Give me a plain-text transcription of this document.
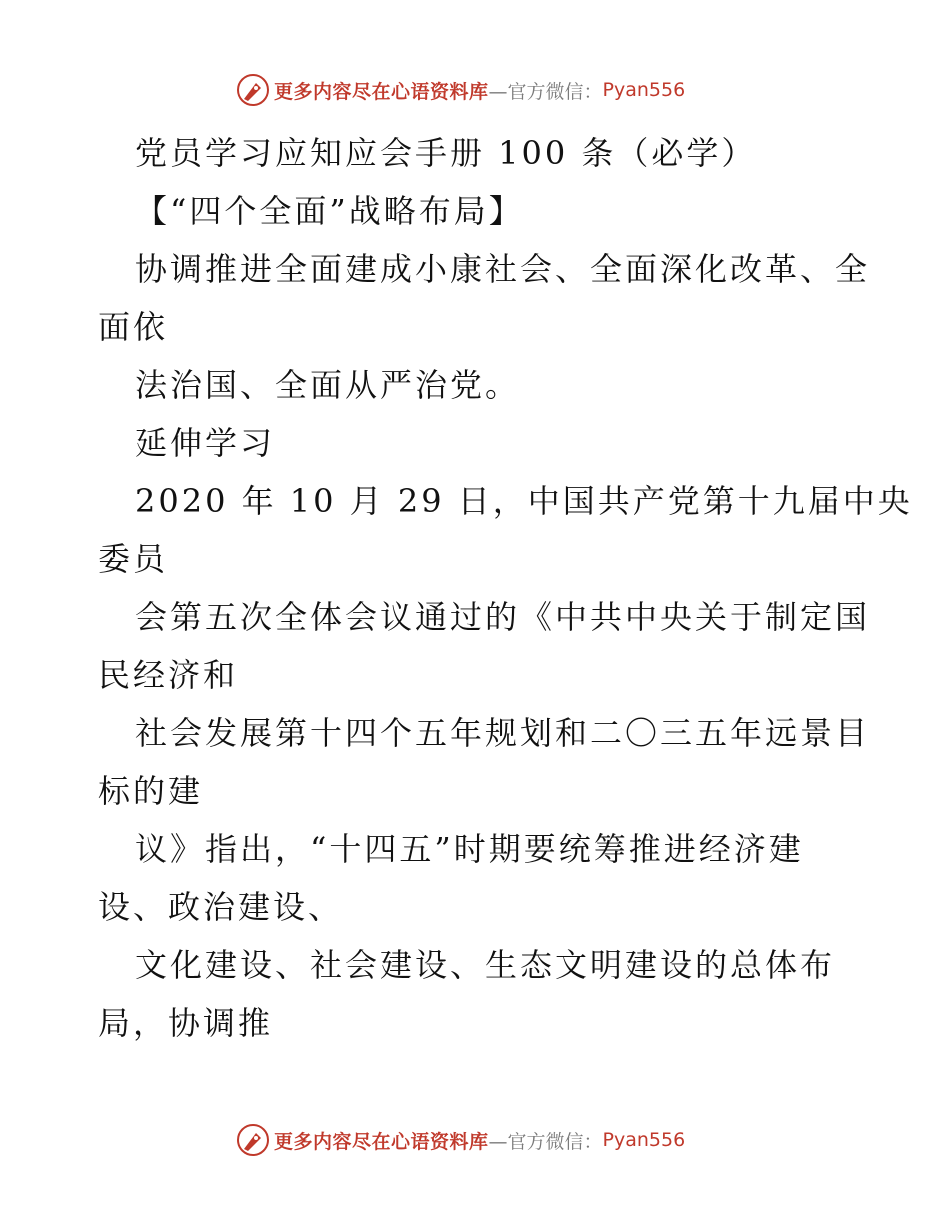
更多内容尽在心语资料库 —官方微信： Pyan556
党员学习应知应会手册 100 条（必学）
【“四个全面”战略布局】
协调推进全面建成小康社会、全面深化改革、全
面依
法治国、全面从严治党。
延伸学习
2020 年 10 月 29 日，中国共产党第十九届中央
委员
会第五次全体会议通过的《中共中央关于制定国
民经济和
社会发展第十四个五年规划和二〇三五年远景目
标的建
议》指出，“十四五”时期要统筹推进经济建
设、政治建设、
文化建设、社会建设、生态文明建设的总体布
局，协调推
更多内容尽在心语资料库 —官方微信： Pyan556
